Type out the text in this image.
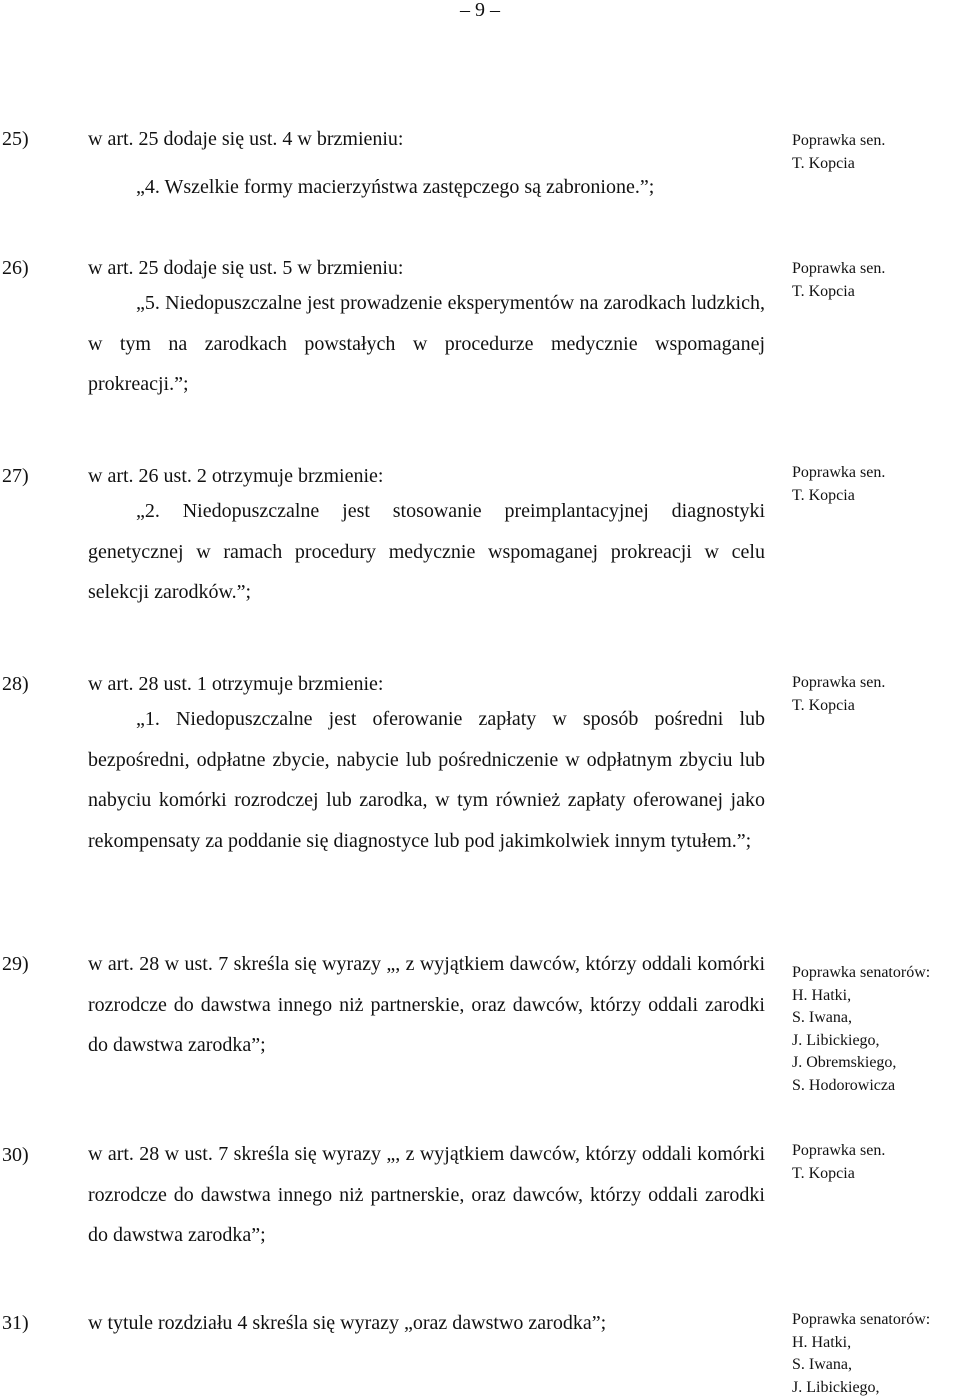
– 9 –
25)	w art. 25 dodaje się ust. 4 w brzmieniu:

„4. Wszelkie formy macierzyństwa zastępczego są zabronione.”;

Poprawka sen.
T. Kopcia
26)	w art. 25 dodaje się ust. 5 w brzmieniu:

„5. Niedopuszczalne jest prowadzenie eksperymentów na zarodkach ludzkich, w tym na zarodkach powstałych w procedurze medycznie wspomaganej prokreacji.”;

Poprawka sen.
T. Kopcia
27)	w art. 26 ust. 2 otrzymuje brzmienie:

„2. Niedopuszczalne jest stosowanie preimplantacyjnej diagnostyki genetycznej w ramach procedury medycznie wspomaganej prokreacji w celu selekcji zarodków.”;

Poprawka sen.
T. Kopcia
28)	w art. 28 ust. 1 otrzymuje brzmienie:

„1. Niedopuszczalne jest oferowanie zapłaty w sposób pośredni lub bezpośredni, odpłatne zbycie, nabycie lub pośredniczenie w odpłatnym zbyciu lub nabyciu komórki rozrodczej lub zarodka, w tym również zapłaty oferowanej jako rekompensaty za poddanie się diagnostyce lub pod jakimkolwiek innym tytułem.”;

Poprawka sen.
T. Kopcia
29)	w art. 28 w ust. 7 skreśla się wyrazy „, z wyjątkiem dawców, którzy oddali komórki rozrodcze do dawstwa innego niż partnerskie, oraz dawców, którzy oddali zarodki do dawstwa zarodka”;

Poprawka senatorów:
H. Hatki,
S. Iwana,
J. Libickiego,
J. Obremskiego,
S. Hodorowicza
30)	w art. 28 w ust. 7 skreśla się wyrazy „, z wyjątkiem dawców, którzy oddali komórki rozrodcze do dawstwa innego niż partnerskie, oraz dawców, którzy oddali zarodki do dawstwa zarodka”;

Poprawka sen.
T. Kopcia
31)	w tytule rozdziału 4 skreśla się wyrazy „oraz dawstwo zarodka”;	Poprawka senatorów:
H. Hatki,
S. Iwana,
J. Libickiego,
